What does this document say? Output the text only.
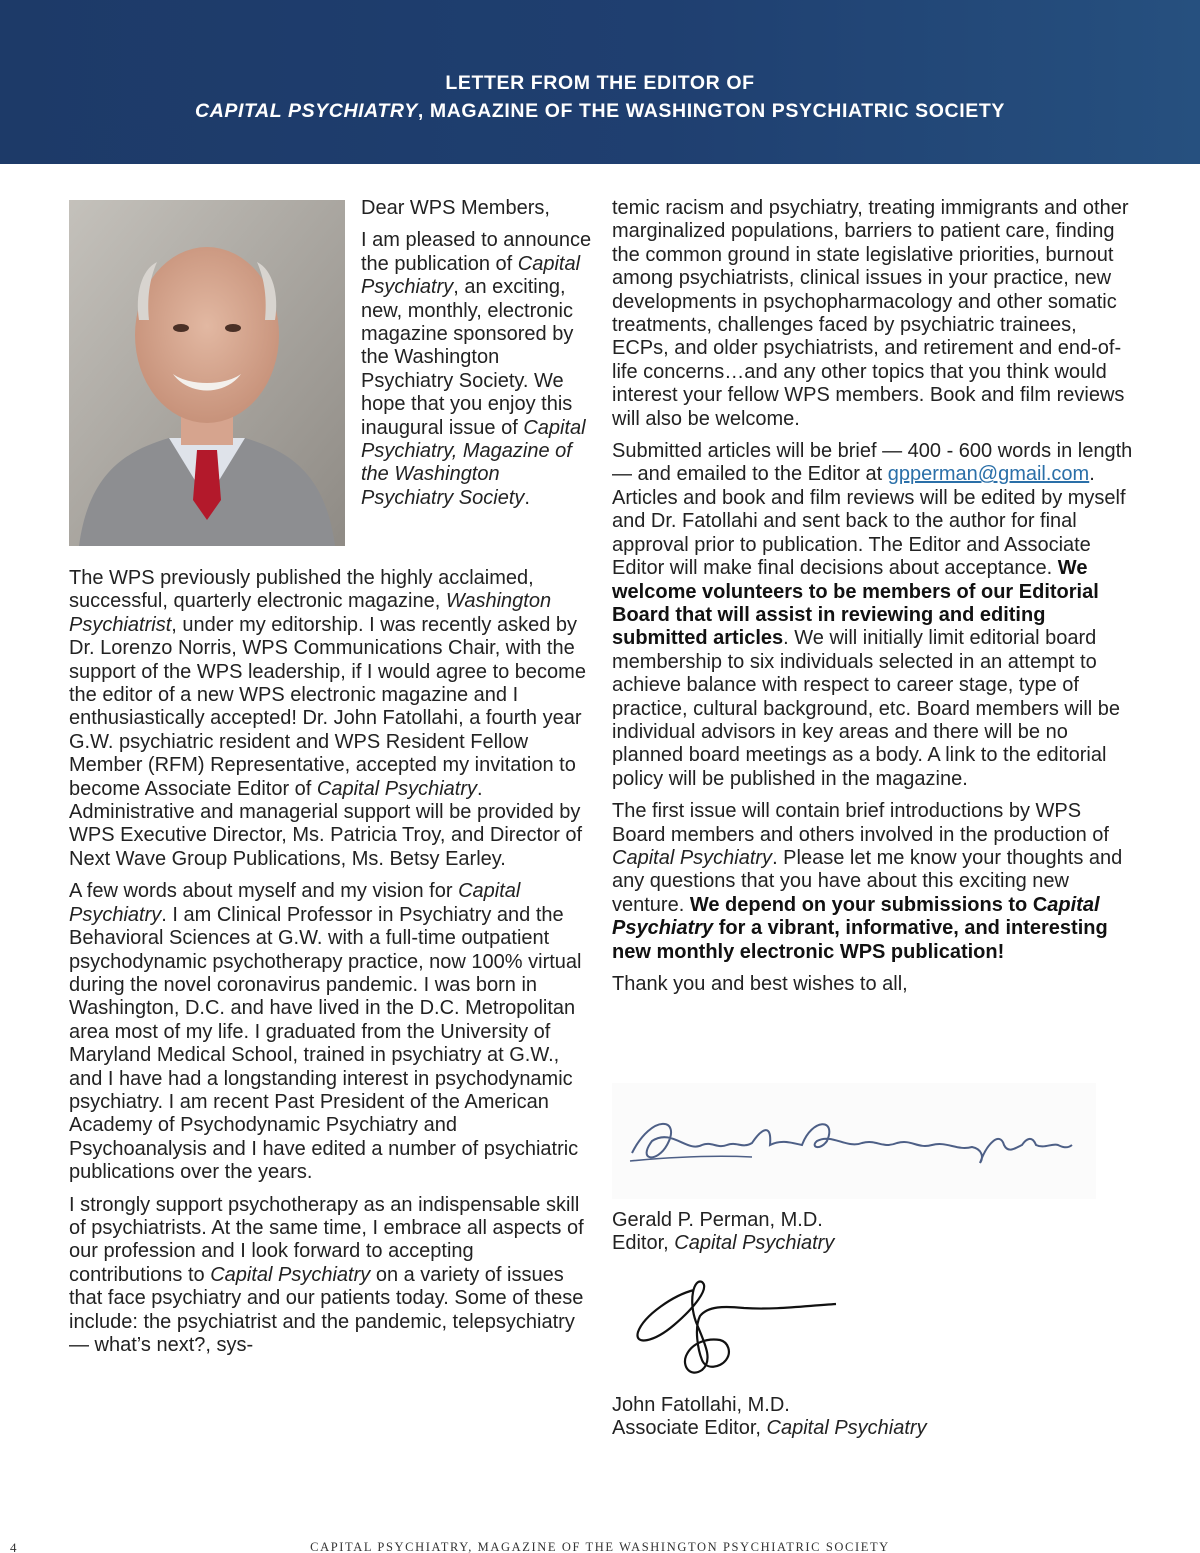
LETTER FROM THE EDITOR OF
CAPITAL PSYCHIATRY, MAGAZINE OF THE WASHINGTON PSYCHIATRIC SOCIETY

Dear WPS Members,

I am pleased to announce the publication of Capital Psychiatry, an exciting, new, monthly, electronic magazine sponsored by the Washington Psychiatry Society. We hope that you enjoy this inaugural issue of Capital Psychiatry, Magazine of the Washington Psychiatry Society.

The WPS previously published the highly acclaimed, successful, quarterly electronic magazine, Washington Psychiatrist, under my editorship. I was recently asked by Dr. Lorenzo Norris, WPS Communications Chair, with the support of the WPS leadership, if I would agree to become the editor of a new WPS electronic magazine and I enthusiastically accepted! Dr. John Fatollahi, a fourth year G.W. psychiatric resident and WPS Resident Fellow Member (RFM) Representative, accepted my invitation to become Associate Editor of Capital Psychiatry. Administrative and managerial support will be provided by WPS Executive Director, Ms. Patricia Troy, and Director of Next Wave Group Publications, Ms. Betsy Earley.

A few words about myself and my vision for Capital Psychiatry. I am Clinical Professor in Psychiatry and the Behavioral Sciences at G.W. with a full-time outpatient psychodynamic psychotherapy practice, now 100% virtual during the novel coronavirus pandemic. I was born in Washington, D.C. and have lived in the D.C. Metropolitan area most of my life. I graduated from the University of Maryland Medical School, trained in psychiatry at G.W., and I have had a longstanding interest in psychodynamic psychiatry. I am recent Past President of the American Academy of Psychodynamic Psychiatry and Psychoanalysis and I have edited a number of psychiatric publications over the years.

I strongly support psychotherapy as an indispensable skill of psychiatrists. At the same time, I embrace all aspects of our profession and I look forward to accepting contributions to Capital Psychiatry on a variety of issues that face psychiatry and our patients today. Some of these include: the psychiatrist and the pandemic, telepsychiatry — what’s next?, sys-

temic racism and psychiatry, treating immigrants and other marginalized populations, barriers to patient care, finding the common ground in state legislative priorities, burnout among psychiatrists, clinical issues in your practice, new developments in psychopharmacology and other somatic treatments, challenges faced by psychiatric trainees, ECPs, and older psychiatrists, and retirement and end-of-life concerns…and any other topics that you think would interest your fellow WPS members. Book and film reviews will also be welcome.

Submitted articles will be brief — 400 - 600 words in length — and emailed to the Editor at gpperman@gmail.com. Articles and book and film reviews will be edited by myself and Dr. Fatollahi and sent back to the author for final approval prior to publication. The Editor and Associate Editor will make final decisions about acceptance. We welcome volunteers to be members of our Editorial Board that will assist in reviewing and editing submitted articles. We will initially limit editorial board membership to six individuals selected in an attempt to achieve balance with respect to career stage, type of practice, cultural background, etc. Board members will be individual advisors in key areas and there will be no planned board meetings as a body. A link to the editorial policy will be published in the magazine.

The first issue will contain brief introductions by WPS Board members and others involved in the production of Capital Psychiatry. Please let me know your thoughts and any questions that you have about this exciting new venture. We depend on your submissions to Capital Psychiatry for a vibrant, informative, and interesting new monthly electronic WPS publication!

Thank you and best wishes to all,

Gerald P. Perman, M.D.
Editor, Capital Psychiatry
John Fatollahi, M.D.
Associate Editor, Capital Psychiatry
4	CAPITAL PSYCHIATRY, MAGAZINE OF THE WASHINGTON PSYCHIATRIC SOCIETY
